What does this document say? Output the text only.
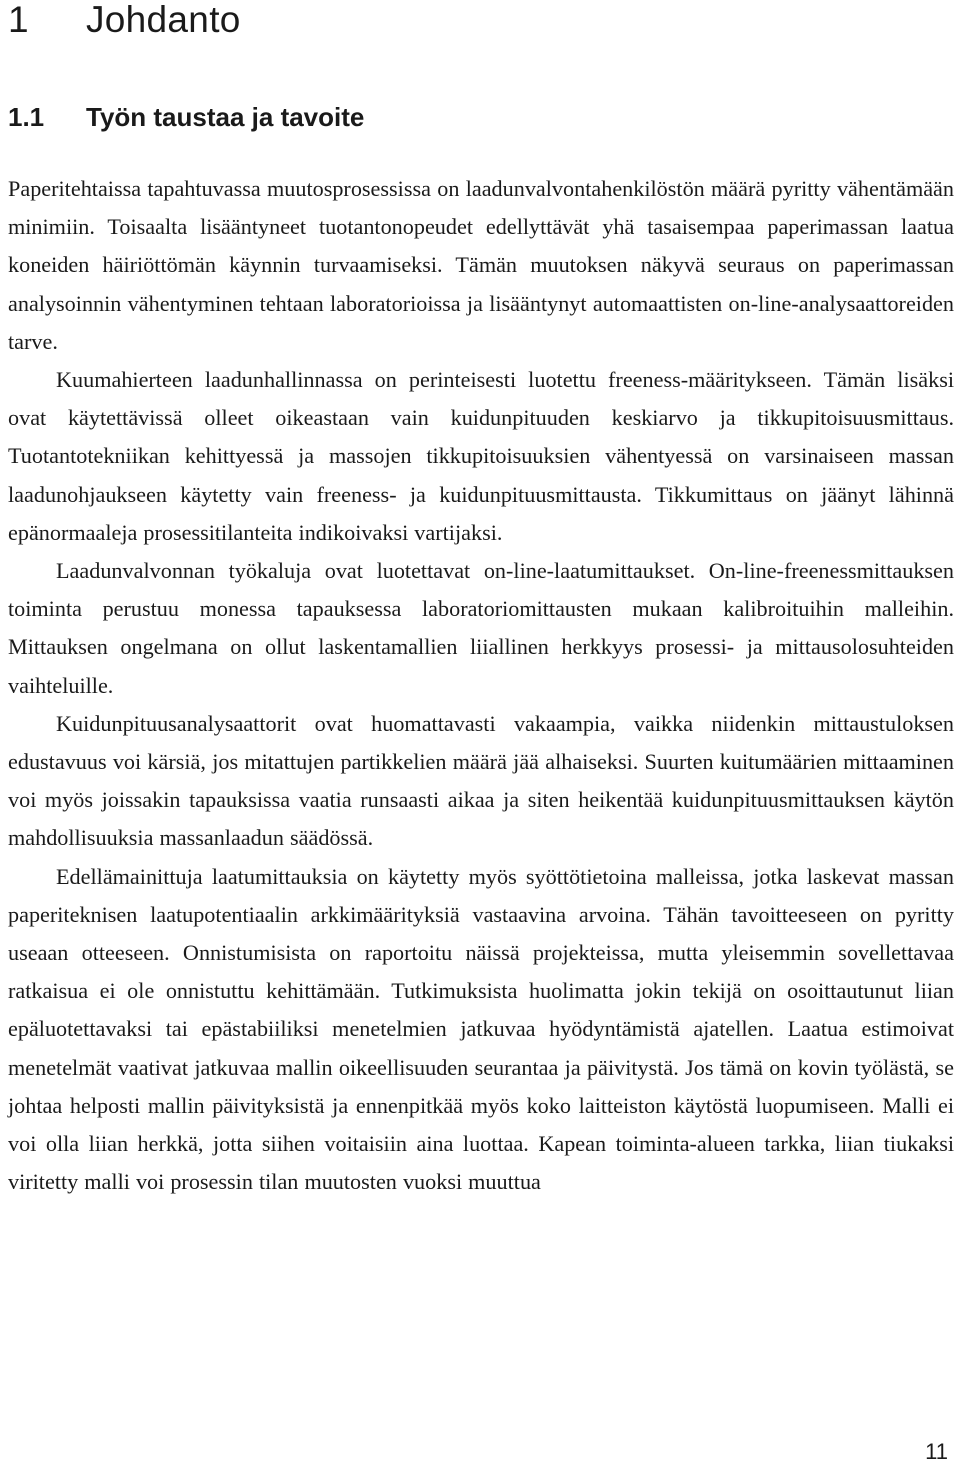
1 Johdanto
1.1 Työn taustaa ja tavoite

Paperitehtaissa tapahtuvassa muutosprosessissa on laadunvalvontahenkilöstön määrä pyritty vähentämään minimiin. Toisaalta lisääntyneet tuotantonopeudet edellyttävät yhä tasaisempaa paperimassan laatua koneiden häiriöttömän käynnin turvaamiseksi. Tämän muutoksen näkyvä seuraus on paperimassan analysoinnin vähentyminen tehtaan laboratorioissa ja lisääntynyt automaattisten on-line-analysaattoreiden tarve.

Kuumahierteen laadunhallinnassa on perinteisesti luotettu freeness-määritykseen. Tämän lisäksi ovat käytettävissä olleet oikeastaan vain kuidunpituuden keskiarvo ja tikkupitoisuusmittaus. Tuotantotekniikan kehittyessä ja massojen tikkupitoisuuksien vähentyessä on varsinaiseen massan laadunohjaukseen käytetty vain freeness- ja kuidunpituusmittausta. Tikkumittaus on jäänyt lähinnä epänormaaleja prosessitilanteita indikoivaksi vartijaksi.

Laadunvalvonnan työkaluja ovat luotettavat on-line-laatumittaukset. On-line-freenessmittauksen toiminta perustuu monessa tapauksessa laboratoriomittausten mukaan kalibroituihin malleihin. Mittauksen ongelmana on ollut laskentamallien liiallinen herkkyys prosessi- ja mittausolosuhteiden vaihteluille.

Kuidunpituusanalysaattorit ovat huomattavasti vakaampia, vaikka niidenkin mittaustuloksen edustavuus voi kärsiä, jos mitattujen partikkelien määrä jää alhaiseksi. Suurten kuitumäärien mittaaminen voi myös joissakin tapauksissa vaatia runsaasti aikaa ja siten heikentää kuidunpituusmittauksen käytön mahdollisuuksia massanlaadun säädössä.

Edellämainittuja laatumittauksia on käytetty myös syöttötietoina malleissa, jotka laskevat massan paperiteknisen laatupotentiaalin arkkimäärityksiä vastaavina arvoina. Tähän tavoitteeseen on pyritty useaan otteeseen. Onnistumisista on raportoitu näissä projekteissa, mutta yleisemmin sovellettavaa ratkaisua ei ole onnistuttu kehittämään. Tutkimuksista huolimatta jokin tekijä on osoittautunut liian epäluotettavaksi tai epästabiiliksi menetelmien jatkuvaa hyödyntämistä ajatellen. Laatua estimoivat menetelmät vaativat jatkuvaa mallin oikeellisuuden seurantaa ja päivitystä. Jos tämä on kovin työlästä, se johtaa helposti mallin päivityksistä ja ennenpitkää myös koko laitteiston käytöstä luopumiseen. Malli ei voi olla liian herkkä, jotta siihen voitaisiin aina luottaa. Kapean toiminta-alueen tarkka, liian tiukaksi viritetty malli voi prosessin tilan muutosten vuoksi muuttua

11
